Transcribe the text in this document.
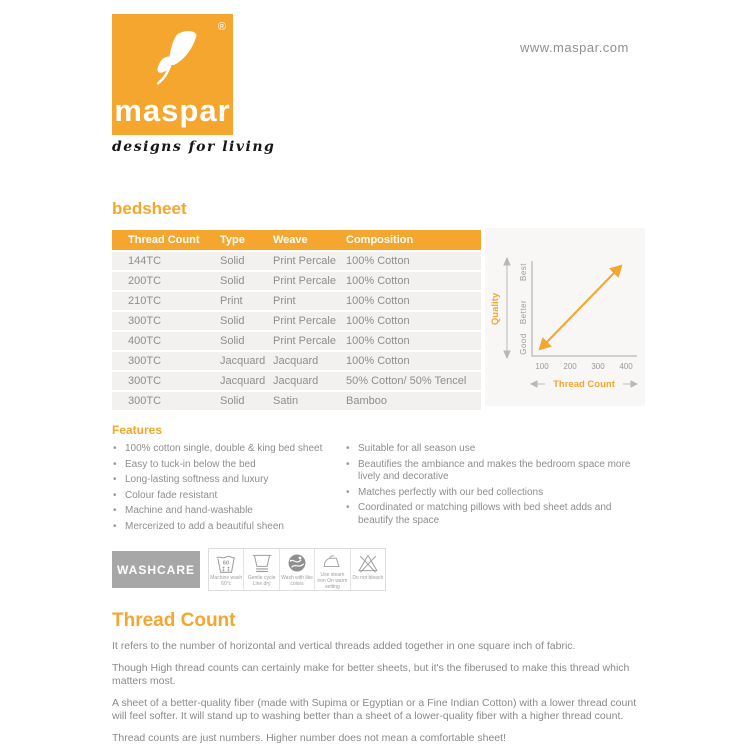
®
maspar
designs for living
www.maspar.com
bedsheet
Thread Count	Type	Weave	Composition
144TC	Solid	Print Percale	100% Cotton
200TC	Solid	Print Percale	100% Cotton
210TC	Print	Print	100% Cotton
300TC	Solid	Print Percale	100% Cotton
400TC	Solid	Print Percale	100% Cotton
300TC	Jacquard	Jacquard	100% Cotton
300TC	Jacquard	Jacquard	50% Cotton/ 50% Tencel
300TC	Solid	Satin	Bamboo
Quality
Best
Better
Good
100 200 300 400
Thread Count
Features
• 100% cotton single, double & king bed sheet
• Easy to tuck-in below the bed
• Long-lasting softness and luxury
• Colour fade resistant
• Machine and hand-washable
• Mercerized to add a beautiful sheen
• Suitable for all season use
• Beautifies the ambiance and makes the bedroom space more lively and decorative
• Matches perfectly with our bed collections
• Coordinated or matching pillows with bed sheet adds and beautify the space
WASHCARE	60
Machine wash 60°c
Gentle cycle Line dry
Wash with like colors
Use steam iron On warm setting
Do not bleach
Thread Count

It refers to the number of horizontal and vertical threads added together in one square inch of fabric.

Though High thread counts can certainly make for better sheets, but it's the fiberused to make this thread which matters most.

A sheet of a better-quality fiber (made with Supima or Egyptian or a Fine Indian Cotton) with a lower thread count will feel softer. It will stand up to washing better than a sheet of a lower-quality fiber with a higher thread count.

Thread counts are just numbers. Higher number does not mean a comfortable sheet!
